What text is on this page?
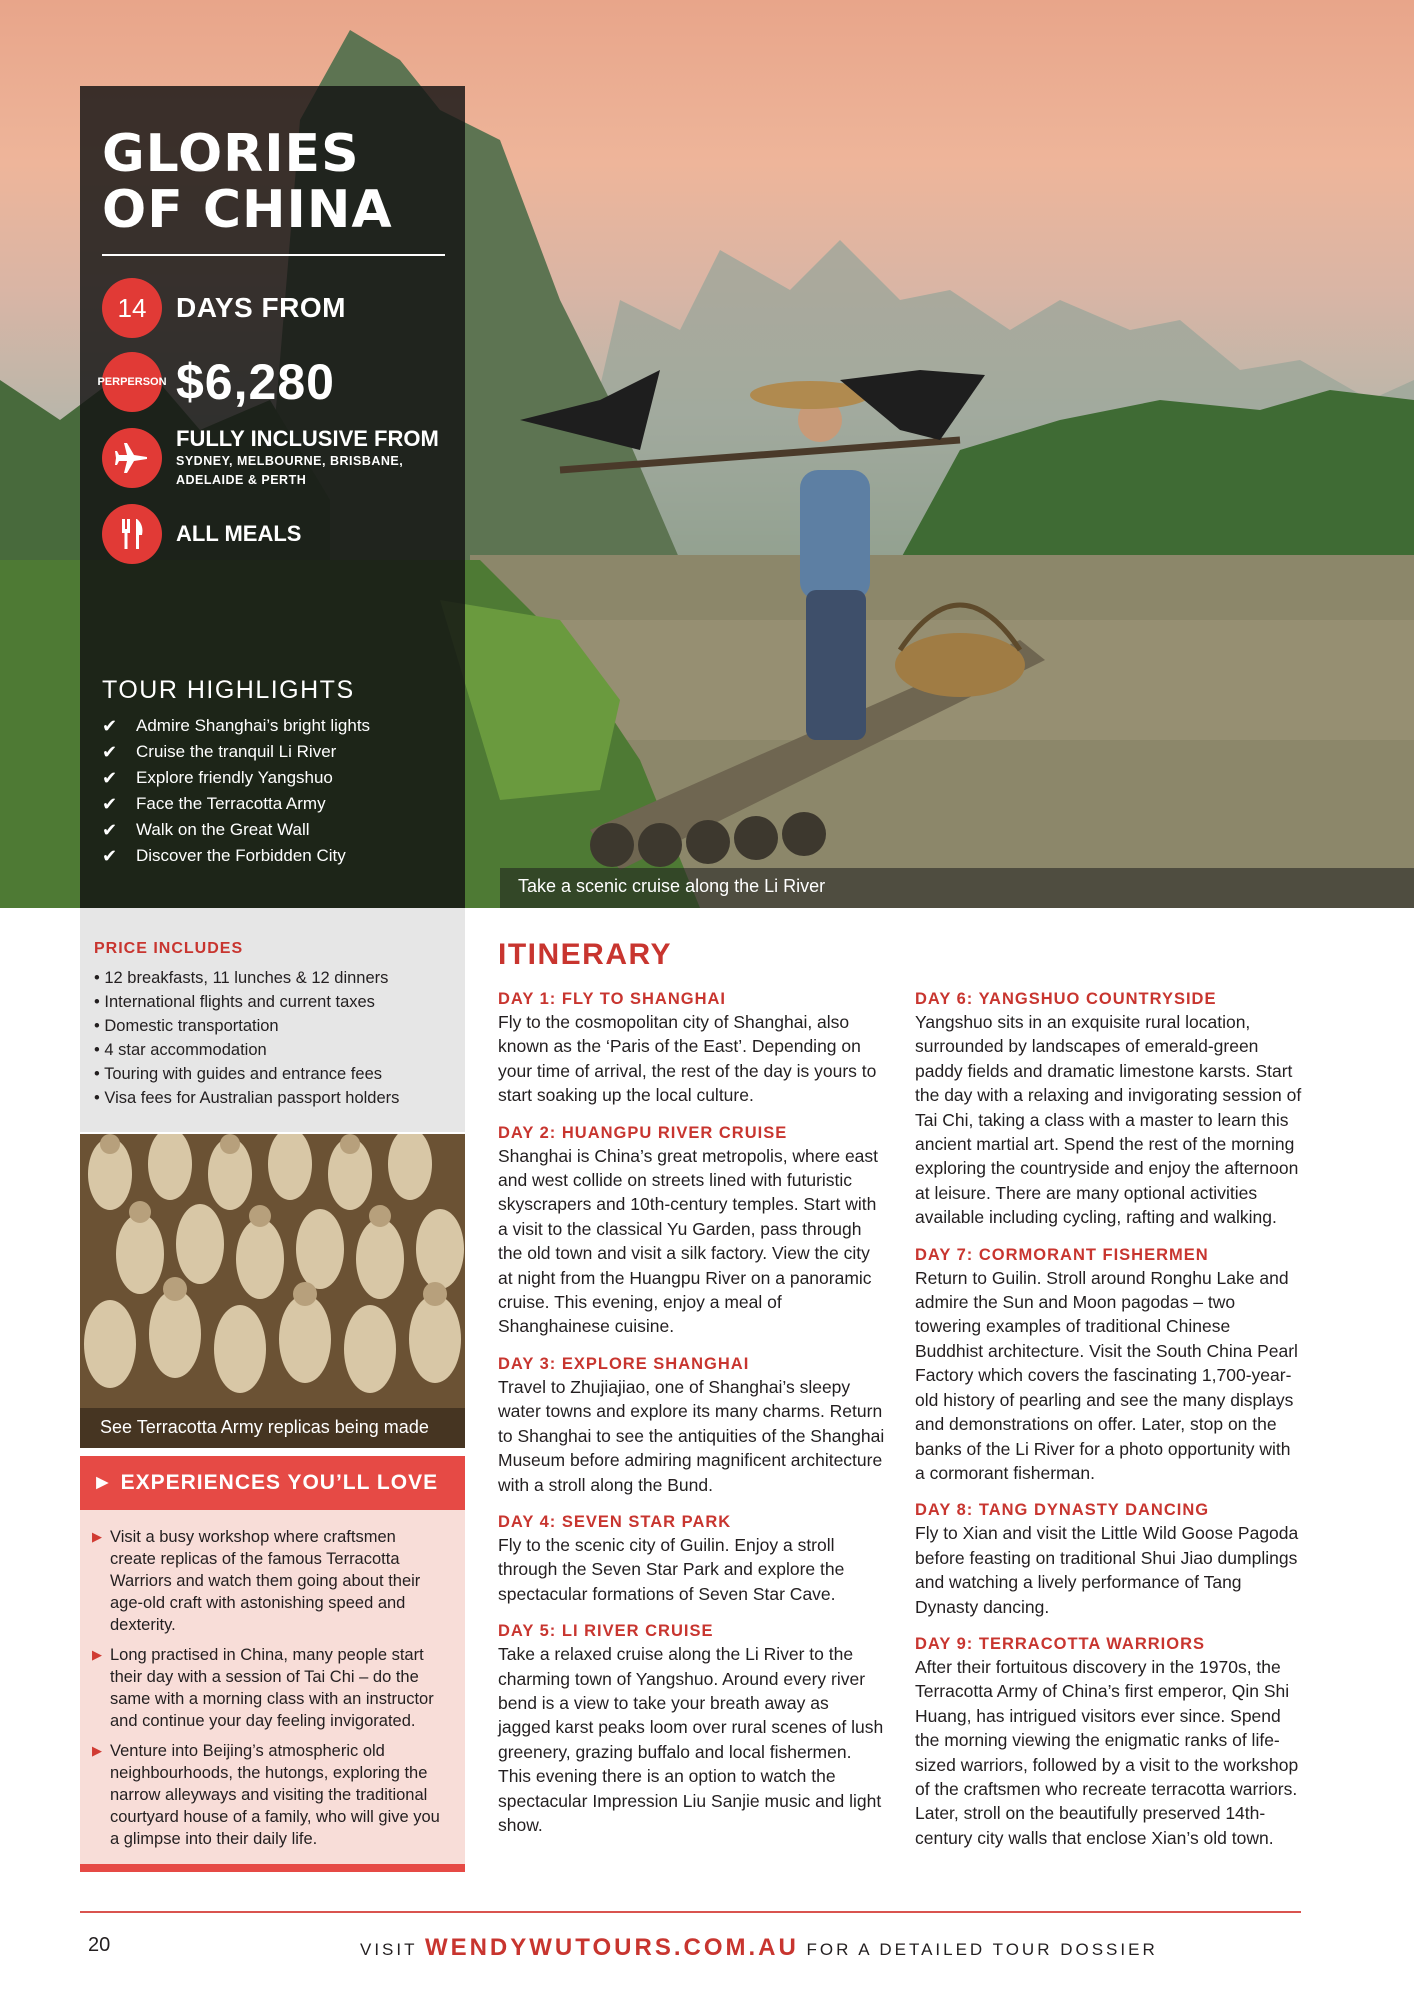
GLORIES
OF CHINA
14	DAYS FROM
PER PERSON $6,280
FULLY INCLUSIVE FROM
SYDNEY, MELBOURNE, BRISBANE,
ADELAIDE & PERTH
ALL MEALS
TOUR HIGHLIGHTS
✔	Admire Shanghai’s bright lights
✔	Cruise the tranquil Li River
✔	Explore friendly Yangshuo
✔	Face the Terracotta Army
✔	Walk on the Great Wall
✔	Discover the Forbidden City
Take a scenic cruise along the Li River
PRICE INCLUDES
• 12 breakfasts, 11 lunches & 12 dinners
• International flights and current taxes
• Domestic transportation
• 4 star accommodation
• Touring with guides and entrance fees
• Visa fees for Australian passport holders
See Terracotta Army replicas being made
► EXPERIENCES YOU’LL LOVE
▶ Visit a busy workshop where craftsmen create replicas of the famous Terracotta Warriors and watch them going about their age-old craft with astonishing speed and dexterity.
▶ Long practised in China, many people start their day with a session of Tai Chi – do the same with a morning class with an instructor and continue your day feeling invigorated.
▶ Venture into Beijing’s atmospheric old neighbourhoods, the hutongs, exploring the narrow alleyways and visiting the traditional courtyard house of a family, who will give you a glimpse into their daily life.
ITINERARY
DAY 1: FLY TO SHANGHAI

Fly to the cosmopolitan city of Shanghai, also known as the ‘Paris of the East’. Depending on your time of arrival, the rest of the day is yours to start soaking up the local culture.

DAY 2: HUANGPU RIVER CRUISE

Shanghai is China’s great metropolis, where east and west collide on streets lined with futuristic skyscrapers and 10th-century temples. Start with a visit to the classical Yu Garden, pass through the old town and visit a silk factory. View the city at night from the Huangpu River on a panoramic cruise. This evening, enjoy a meal of Shanghainese cuisine.

DAY 3: EXPLORE SHANGHAI

Travel to Zhujiajiao, one of Shanghai’s sleepy water towns and explore its many charms. Return to Shanghai to see the antiquities of the Shanghai Museum before admiring magnificent architecture with a stroll along the Bund.

DAY 4: SEVEN STAR PARK

Fly to the scenic city of Guilin. Enjoy a stroll through the Seven Star Park and explore the spectacular formations of Seven Star Cave.

DAY 5: LI RIVER CRUISE

Take a relaxed cruise along the Li River to the charming town of Yangshuo. Around every river bend is a view to take your breath away as jagged karst peaks loom over rural scenes of lush greenery, grazing buffalo and local fishermen. This evening there is an option to watch the spectacular Impression Liu Sanjie music and light show.

DAY 6: YANGSHUO COUNTRYSIDE

Yangshuo sits in an exquisite rural location, surrounded by landscapes of emerald-green paddy fields and dramatic limestone karsts. Start the day with a relaxing and invigorating session of Tai Chi, taking a class with a master to learn this ancient martial art. Spend the rest of the morning exploring the countryside and enjoy the afternoon at leisure. There are many optional activities available including cycling, rafting and walking.

DAY 7: CORMORANT FISHERMEN

Return to Guilin. Stroll around Ronghu Lake and admire the Sun and Moon pagodas – two towering examples of traditional Chinese Buddhist architecture. Visit the South China Pearl Factory which covers the fascinating 1,700-year-old history of pearling and see the many displays and demonstrations on offer. Later, stop on the banks of the Li River for a photo opportunity with a cormorant fisherman.

DAY 8: TANG DYNASTY DANCING

Fly to Xian and visit the Little Wild Goose Pagoda before feasting on traditional Shui Jiao dumplings and watching a lively performance of Tang Dynasty dancing.

DAY 9: TERRACOTTA WARRIORS

After their fortuitous discovery in the 1970s, the Terracotta Army of China’s first emperor, Qin Shi Huang, has intrigued visitors ever since. Spend the morning viewing the enigmatic ranks of life-sized warriors, followed by a visit to the workshop of the craftsmen who recreate terracotta warriors. Later, stroll on the beautifully preserved 14th-century city walls that enclose Xian’s old town.

20	VISIT WENDYWUTOURS.COM.AU FOR A DETAILED TOUR DOSSIER
